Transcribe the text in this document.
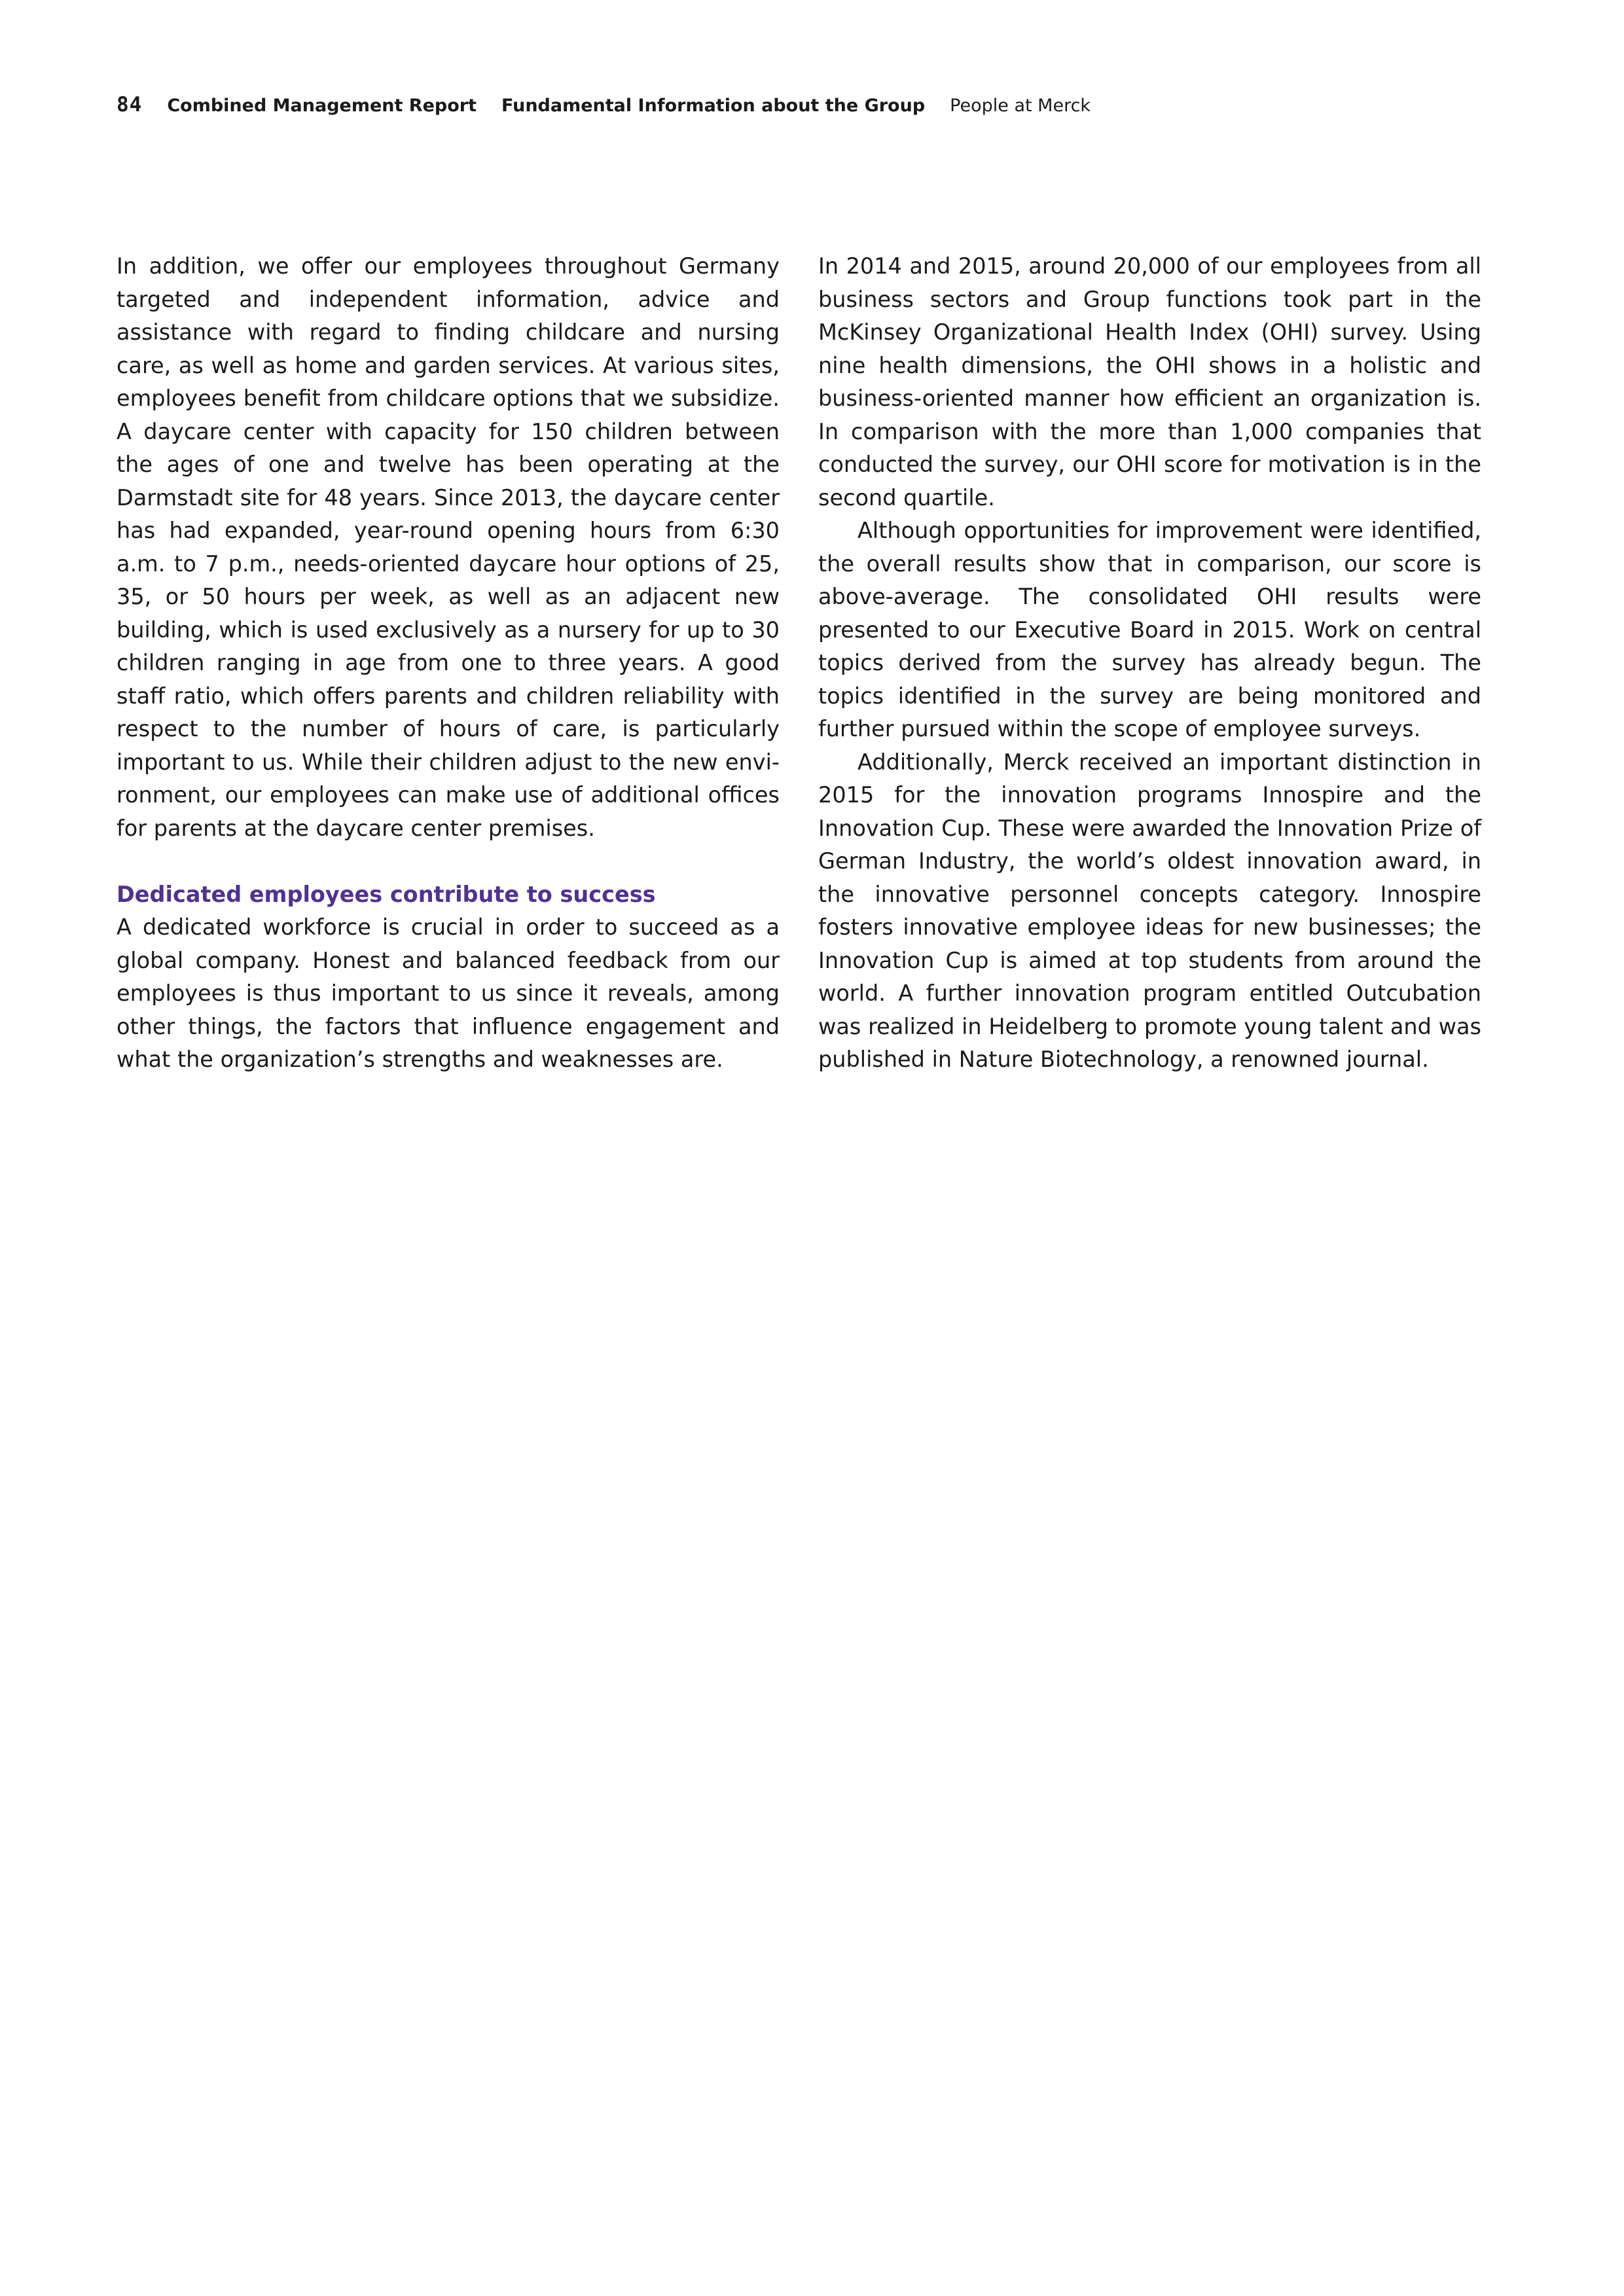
84 Combined Management Report Fundamental Information about the Group People at Merck

In addition, we offer our employees throughout Germany targeted and independent information, advice and assistance with regard to finding childcare and nursing care, as well as home and garden services. At various sites, employees benefit from childcare options that we subsidize. A daycare center with capacity for 150 children between the ages of one and twelve has been operating at the Darmstadt site for 48 years. Since 2013, the daycare center has had expanded, year-round opening hours from 6:30 a.m. to 7 p.m., needs-oriented daycare hour options of 25, 35, or 50 hours per week, as well as an adjacent new building, which is used exclusively as a nursery for up to 30 children ranging in age from one to three years. A good staff ratio, which offers parents and children reliability with respect to the number of hours of care, is particularly important to us. While their children adjust to the new environment, our employees can make use of additional offices for parents at the daycare center premises.

Dedicated employees contribute to success

A dedicated workforce is crucial in order to succeed as a global company. Honest and balanced feedback from our employees is thus important to us since it reveals, among other things, the factors that influence engagement and what the organization’s strengths and weaknesses are.

In 2014 and 2015, around 20,000 of our employees from all business sectors and Group functions took part in the McKinsey Organizational Health Index (OHI) survey. Using nine health dimensions, the OHI shows in a holistic and business-oriented manner how efficient an organization is. In comparison with the more than 1,000 companies that conducted the survey, our OHI score for motivation is in the second quartile.

Although opportunities for improvement were identified, the overall results show that in comparison, our score is above-average. The consolidated OHI results were presented to our Executive Board in 2015. Work on central topics derived from the survey has already begun. The topics identified in the survey are being monitored and further pursued within the scope of employee surveys.

Additionally, Merck received an important distinction in 2015 for the innovation programs Innospire and the Innovation Cup. These were awarded the Innovation Prize of German Industry, the world’s oldest innovation award, in the innovative personnel concepts category. Innospire fosters innovative employee ideas for new businesses; the Innovation Cup is aimed at top students from around the world. A further innovation program entitled Outcubation was realized in Heidelberg to promote young talent and was published in Nature Biotechnology, a renowned journal.
